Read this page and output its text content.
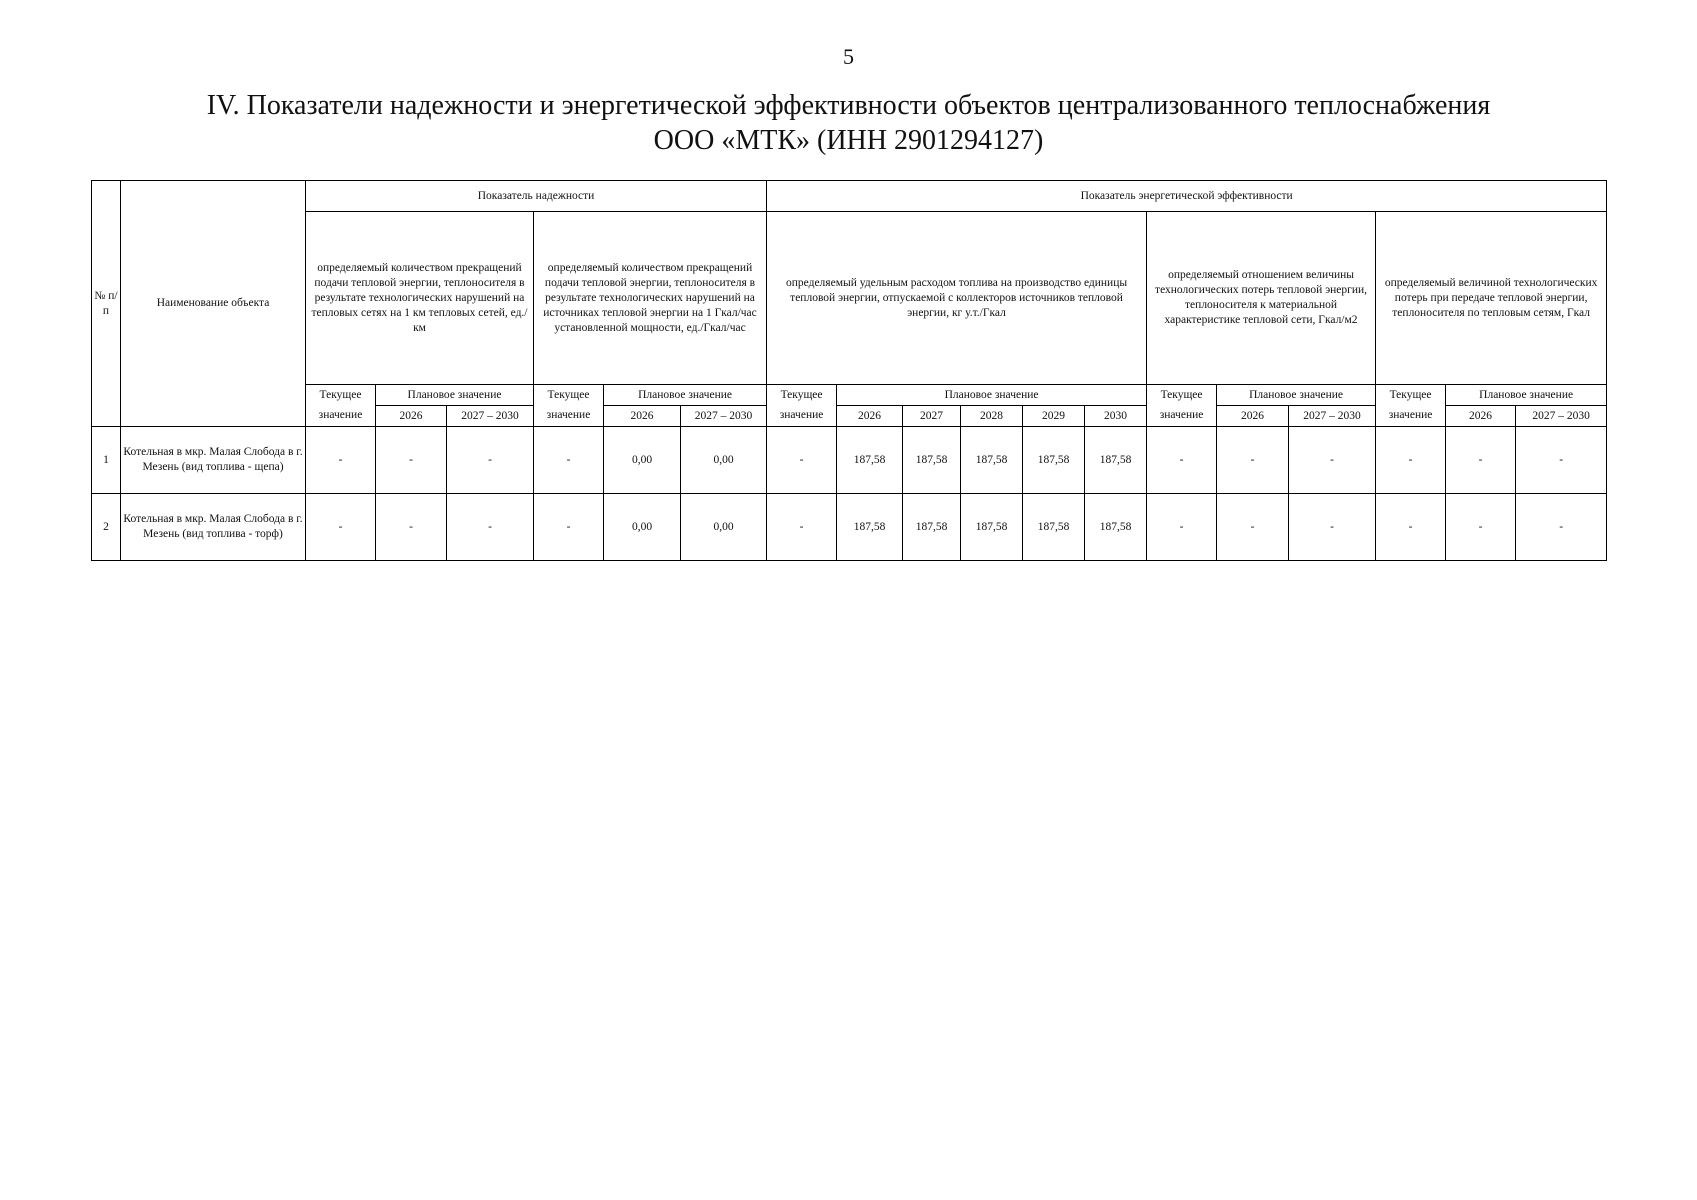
5
IV. Показатели надежности и энергетической эффективности объектов централизованного теплоснабжения
ООО «МТК» (ИНН 2901294127)
№ п/п	Наименование объекта	Показатель надежности						Показатель энергетической эффективности											
		определяемый количеством прекращений подачи тепловой энергии, теплоносителя в результате технологических нарушений на тепловых сетях на 1 км тепловых сетей, ед./км			определяемый количеством прекращений подачи тепловой энергии, теплоносителя в результате технологических нарушений на источниках тепловой энергии на 1 Гкал/час установленной мощности, ед./Гкал/час			определяемый удельным расходом топлива на производство единицы тепловой энергии, отпускаемой с коллекторов источников тепловой энергии, кг у.т./Гкал						определяемый отношением величины технологических потерь тепловой энергии, теплоносителя к материальной характеристике тепловой сети, Гкал/м2			определяемый величиной технологических потерь при передаче тепловой энергии, теплоносителя по тепловым сетям, Гкал		
		Текущее	Плановое значение		Текущее	Плановое значение		Текущее	Плановое значение					Текущее	Плановое значение		Текущее	Плановое значение	
		значение	2026	2027 – 2030	значение	2026	2027 – 2030	значение	2026	2027	2028	2029	2030	значение	2026	2027 – 2030	значение	2026	2027 – 2030
1	Котельная в мкр. Малая Слобода в г. Мезень (вид топлива - щепа)	-	-	-	-	0,00	0,00	-	187,58	187,58	187,58	187,58	187,58	-	-	-	-	-	-
2	Котельная в мкр. Малая Слобода в г. Мезень (вид топлива - торф)	-	-	-	-	0,00	0,00	-	187,58	187,58	187,58	187,58	187,58	-	-	-	-	-	-
